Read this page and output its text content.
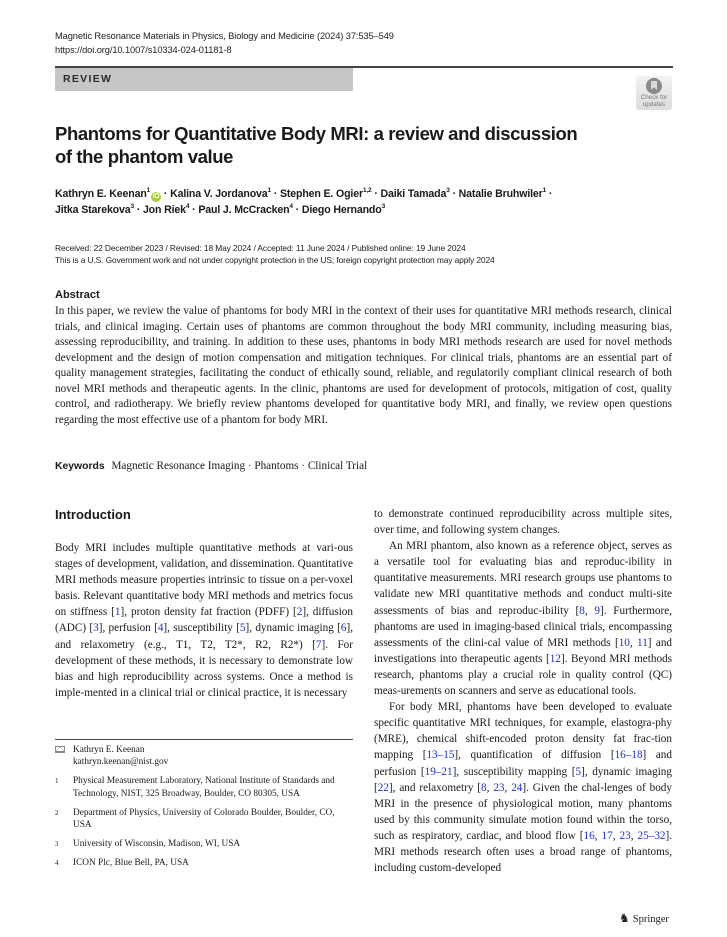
Magnetic Resonance Materials in Physics, Biology and Medicine (2024) 37:535–549
https://doi.org/10.1007/s10334-024-01181-8
REVIEW
Check for
updates
Phantoms for Quantitative Body MRI: a review and discussion
of the phantom value
Kathryn E. Keenan$^1$iD · Kalina V. Jordanova$^1$ · Stephen E. Ogier$^{1,2}$ · Daiki Tamada$^3$ · Natalie Bruhwiler$^1$ ·
Jitka Starekova$^3$ · Jon Riek$^4$ · Paul J. McCracken$^4$ · Diego Hernando$^3$
Received: 22 December 2023 / Revised: 18 May 2024 / Accepted: 11 June 2024 / Published online: 19 June 2024
This is a U.S. Government work and not under copyright protection in the US; foreign copyright protection may apply 2024
Abstract
In this paper, we review the value of phantoms for body MRI in the context of their uses for quantitative MRI methods research, clinical trials, and clinical imaging. Certain uses of phantoms are common throughout the body MRI community, including measuring bias, assessing reproducibility, and training. In addition to these uses, phantoms in body MRI methods research are used for novel methods development and the design of motion compensation and mitigation techniques. For clinical trials, phantoms are an essential part of quality management strategies, facilitating the conduct of ethically sound, reliable, and regulatorily compliant clinical research of both novel MRI methods and therapeutic agents. In the clinic, phantoms are used for development of protocols, mitigation of cost, quality control, and radiotherapy. We briefly review phantoms developed for quantitative body MRI, and finally, we review open questions regarding the most effective use of a phantom for body MRI.
Keywords Magnetic Resonance Imaging · Phantoms · Clinical Trial
Introduction

Body MRI includes multiple quantitative methods at vari-ous stages of development, validation, and dissemination. Quantitative MRI methods measure properties intrinsic to tissue on a per-voxel basis. Relevant quantitative body MRI methods and metrics focus on stiffness [1], proton density fat fraction (PDFF) [2], diffusion (ADC) [3], perfusion [4], susceptibility [5], dynamic imaging [6], and relaxometry (e.g., T1, T2, T2*, R2, R2*) [7]. For development of these methods, it is necessary to demonstrate low bias and high reproducibility across systems. Once a method is imple-mented in a clinical trial or clinical practice, it is necessary

to demonstrate continued reproducibility across multiple sites, over time, and following system changes.

An MRI phantom, also known as a reference object, serves as a versatile tool for evaluating bias and reproduc-ibility in quantitative measurements. MRI research groups use phantoms to validate new MRI quantitative methods and conduct multi-site assessments of bias and reproduc-ibility [8, 9]. Furthermore, phantoms are used in imaging-based clinical trials, encompassing assessments of the clini-cal value of MRI methods [10, 11] and investigations into therapeutic agents [12]. Beyond MRI methods research, phantoms play a crucial role in quality control (QC) meas-urements on scanners and serve as educational tools.

For body MRI, phantoms have been developed to evaluate specific quantitative MRI techniques, for example, elastogra-phy (MRE), chemical shift-encoded proton density fat frac-tion mapping [13–15], quantification of diffusion [16–18] and perfusion [19–21], susceptibility mapping [5], dynamic imaging [22], and relaxometry [8, 23, 24]. Given the chal-lenges of body MRI in the presence of physiological motion, many phantoms used by this community simulate motion found within the torso, such as respiratory, cardiac, and blood flow [16, 17, 23, 25–32]. MRI methods research often uses a broad range of phantoms, including custom-developed

Kathryn E. Keenan
kathryn.keenan@nist.gov
1 Physical Measurement Laboratory, National Institute of Standards and Technology, NIST, 325 Broadway, Boulder, CO 80305, USA
2 Department of Physics, University of Colorado Boulder, Boulder, CO, USA
3 University of Wisconsin, Madison, WI, USA
4 ICON Plc, Blue Bell, PA, USA
♞ Springer
